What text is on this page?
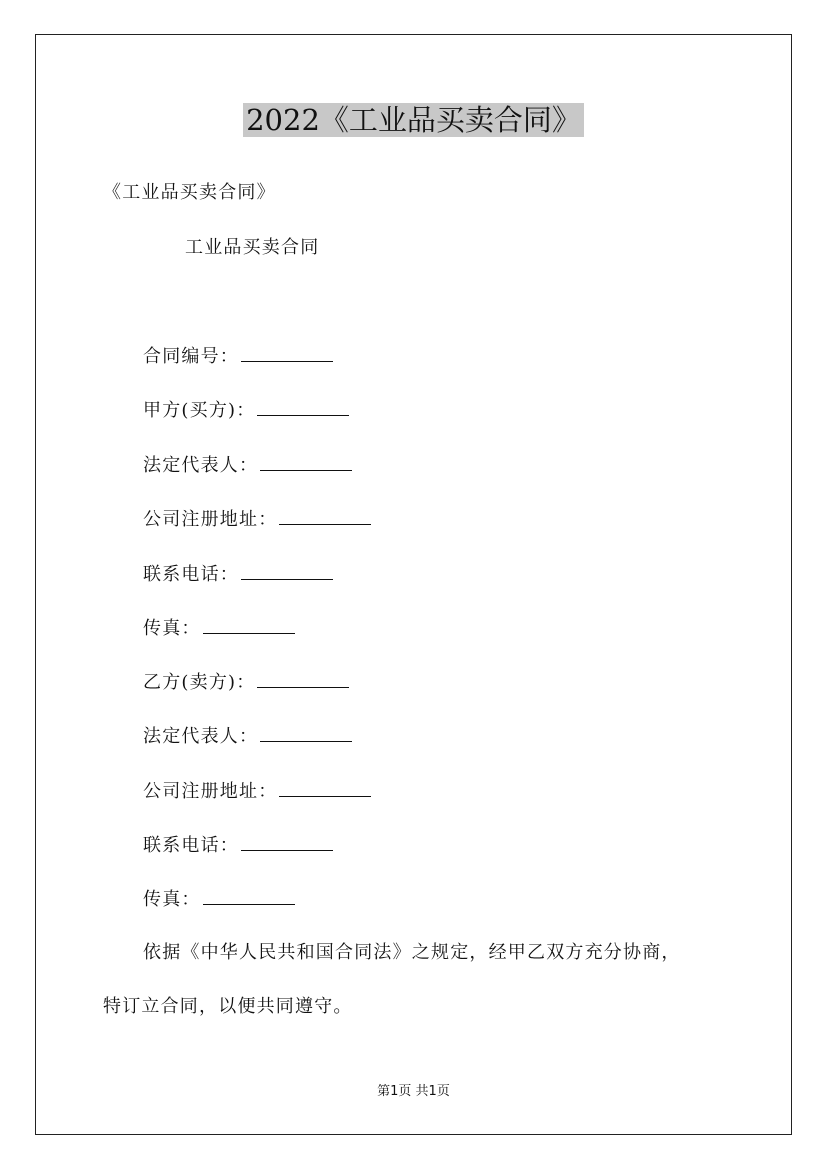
2022《工业品买卖合同》
《工业品买卖合同》
工业品买卖合同
合同编号：
甲方(买方)：
法定代表人：
公司注册地址：
联系电话：
传真：
乙方(卖方)：
法定代表人：
公司注册地址：
联系电话：
传真：
依据《中华人民共和国合同法》之规定，经甲乙双方充分协商，
特订立合同，以便共同遵守。
第1页 共1页
